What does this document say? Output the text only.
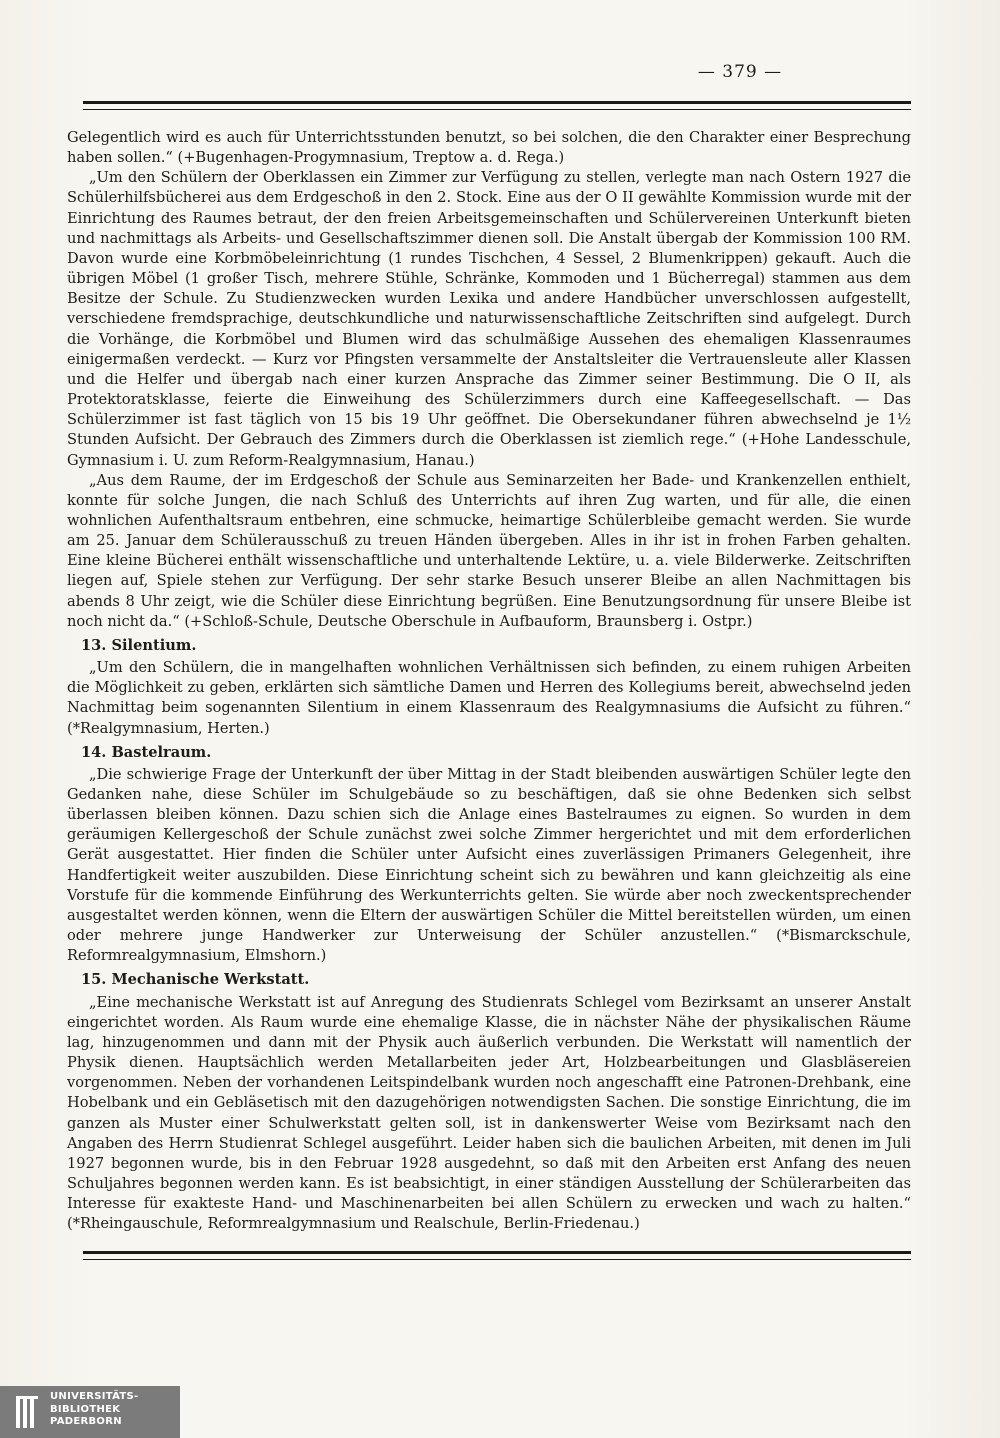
— 379 —

Gelegentlich wird es auch für Unterrichtsstunden benutzt, so bei solchen, die den Charakter einer Besprechung haben sollen.“ (+Bugenhagen-Progymnasium, Treptow a. d. Rega.)

„Um den Schülern der Oberklassen ein Zimmer zur Verfügung zu stellen, verlegte man nach Ostern 1927 die Schülerhilfsbücherei aus dem Erdgeschoß in den 2. Stock. Eine aus der O II gewählte Kommission wurde mit der Einrichtung des Raumes betraut, der den freien Arbeitsgemeinschaften und Schülervereinen Unterkunft bieten und nachmittags als Arbeits- und Gesellschaftszimmer dienen soll. Die Anstalt übergab der Kommission 100 RM. Davon wurde eine Korbmöbeleinrichtung (1 rundes Tischchen, 4 Sessel, 2 Blumenkrippen) gekauft. Auch die übrigen Möbel (1 großer Tisch, mehrere Stühle, Schränke, Kommoden und 1 Bücherregal) stammen aus dem Besitze der Schule. Zu Studienzwecken wurden Lexika und andere Handbücher unverschlossen aufgestellt, verschiedene fremdsprachige, deutschkundliche und naturwissenschaftliche Zeitschriften sind aufgelegt. Durch die Vorhänge, die Korbmöbel und Blumen wird das schulmäßige Aussehen des ehemaligen Klassenraumes einigermaßen verdeckt. — Kurz vor Pfingsten versammelte der Anstaltsleiter die Vertrauensleute aller Klassen und die Helfer und übergab nach einer kurzen Ansprache das Zimmer seiner Bestimmung. Die O II, als Protektoratsklasse, feierte die Einweihung des Schülerzimmers durch eine Kaffeegesellschaft. — Das Schülerzimmer ist fast täglich von 15 bis 19 Uhr geöffnet. Die Obersekundaner führen abwechselnd je 1½ Stunden Aufsicht. Der Gebrauch des Zimmers durch die Oberklassen ist ziemlich rege.“ (+Hohe Landesschule, Gymnasium i. U. zum Reform-Realgymnasium, Hanau.)

„Aus dem Raume, der im Erdgeschoß der Schule aus Seminarzeiten her Bade- und Krankenzellen enthielt, konnte für solche Jungen, die nach Schluß des Unterrichts auf ihren Zug warten, und für alle, die einen wohnlichen Aufenthaltsraum entbehren, eine schmucke, heimartige Schülerbleibe gemacht werden. Sie wurde am 25. Januar dem Schülerausschuß zu treuen Händen übergeben. Alles in ihr ist in frohen Farben gehalten. Eine kleine Bücherei enthält wissenschaftliche und unterhaltende Lektüre, u. a. viele Bilderwerke. Zeitschriften liegen auf, Spiele stehen zur Verfügung. Der sehr starke Besuch unserer Bleibe an allen Nachmittagen bis abends 8 Uhr zeigt, wie die Schüler diese Einrichtung begrüßen. Eine Benutzungsordnung für unsere Bleibe ist noch nicht da.“ (+Schloß-Schule, Deutsche Oberschule in Aufbauform, Braunsberg i. Ostpr.)

13. Silentium.

„Um den Schülern, die in mangelhaften wohnlichen Verhältnissen sich befinden, zu einem ruhigen Arbeiten die Möglichkeit zu geben, erklärten sich sämtliche Damen und Herren des Kollegiums bereit, abwechselnd jeden Nachmittag beim sogenannten Silentium in einem Klassenraum des Realgymnasiums die Aufsicht zu führen.“ (*Realgymnasium, Herten.)

14. Bastelraum.

„Die schwierige Frage der Unterkunft der über Mittag in der Stadt bleibenden auswärtigen Schüler legte den Gedanken nahe, diese Schüler im Schulgebäude so zu beschäftigen, daß sie ohne Bedenken sich selbst überlassen bleiben können. Dazu schien sich die Anlage eines Bastelraumes zu eignen. So wurden in dem geräumigen Kellergeschoß der Schule zunächst zwei solche Zimmer hergerichtet und mit dem erforderlichen Gerät ausgestattet. Hier finden die Schüler unter Aufsicht eines zuverlässigen Primaners Gelegenheit, ihre Handfertigkeit weiter auszubilden. Diese Einrichtung scheint sich zu bewähren und kann gleichzeitig als eine Vorstufe für die kommende Einführung des Werkunterrichts gelten. Sie würde aber noch zweckentsprechender ausgestaltet werden können, wenn die Eltern der auswärtigen Schüler die Mittel bereitstellen würden, um einen oder mehrere junge Handwerker zur Unterweisung der Schüler anzustellen.“ (*Bismarckschule, Reformrealgymnasium, Elmshorn.)

15. Mechanische Werkstatt.

„Eine mechanische Werkstatt ist auf Anregung des Studienrats Schlegel vom Bezirksamt an unserer Anstalt eingerichtet worden. Als Raum wurde eine ehemalige Klasse, die in nächster Nähe der physikalischen Räume lag, hinzugenommen und dann mit der Physik auch äußerlich verbunden. Die Werkstatt will namentlich der Physik dienen. Hauptsächlich werden Metallarbeiten jeder Art, Holzbearbeitungen und Glasbläsereien vorgenommen. Neben der vorhandenen Leitspindelbank wurden noch angeschafft eine Patronen-Drehbank, eine Hobelbank und ein Gebläsetisch mit den dazugehörigen notwendigsten Sachen. Die sonstige Einrichtung, die im ganzen als Muster einer Schulwerkstatt gelten soll, ist in dankenswerter Weise vom Bezirksamt nach den Angaben des Herrn Studienrat Schlegel ausgeführt. Leider haben sich die baulichen Arbeiten, mit denen im Juli 1927 begonnen wurde, bis in den Februar 1928 ausgedehnt, so daß mit den Arbeiten erst Anfang des neuen Schuljahres begonnen werden kann. Es ist beabsichtigt, in einer ständigen Ausstellung der Schülerarbeiten das Interesse für exakteste Hand- und Maschinenarbeiten bei allen Schülern zu erwecken und wach zu halten.“ (*Rheingauschule, Reformrealgymnasium und Realschule, Berlin-Friedenau.)

UNIVERSITÄTS-
BIBLIOTHEK
PADERBORN
